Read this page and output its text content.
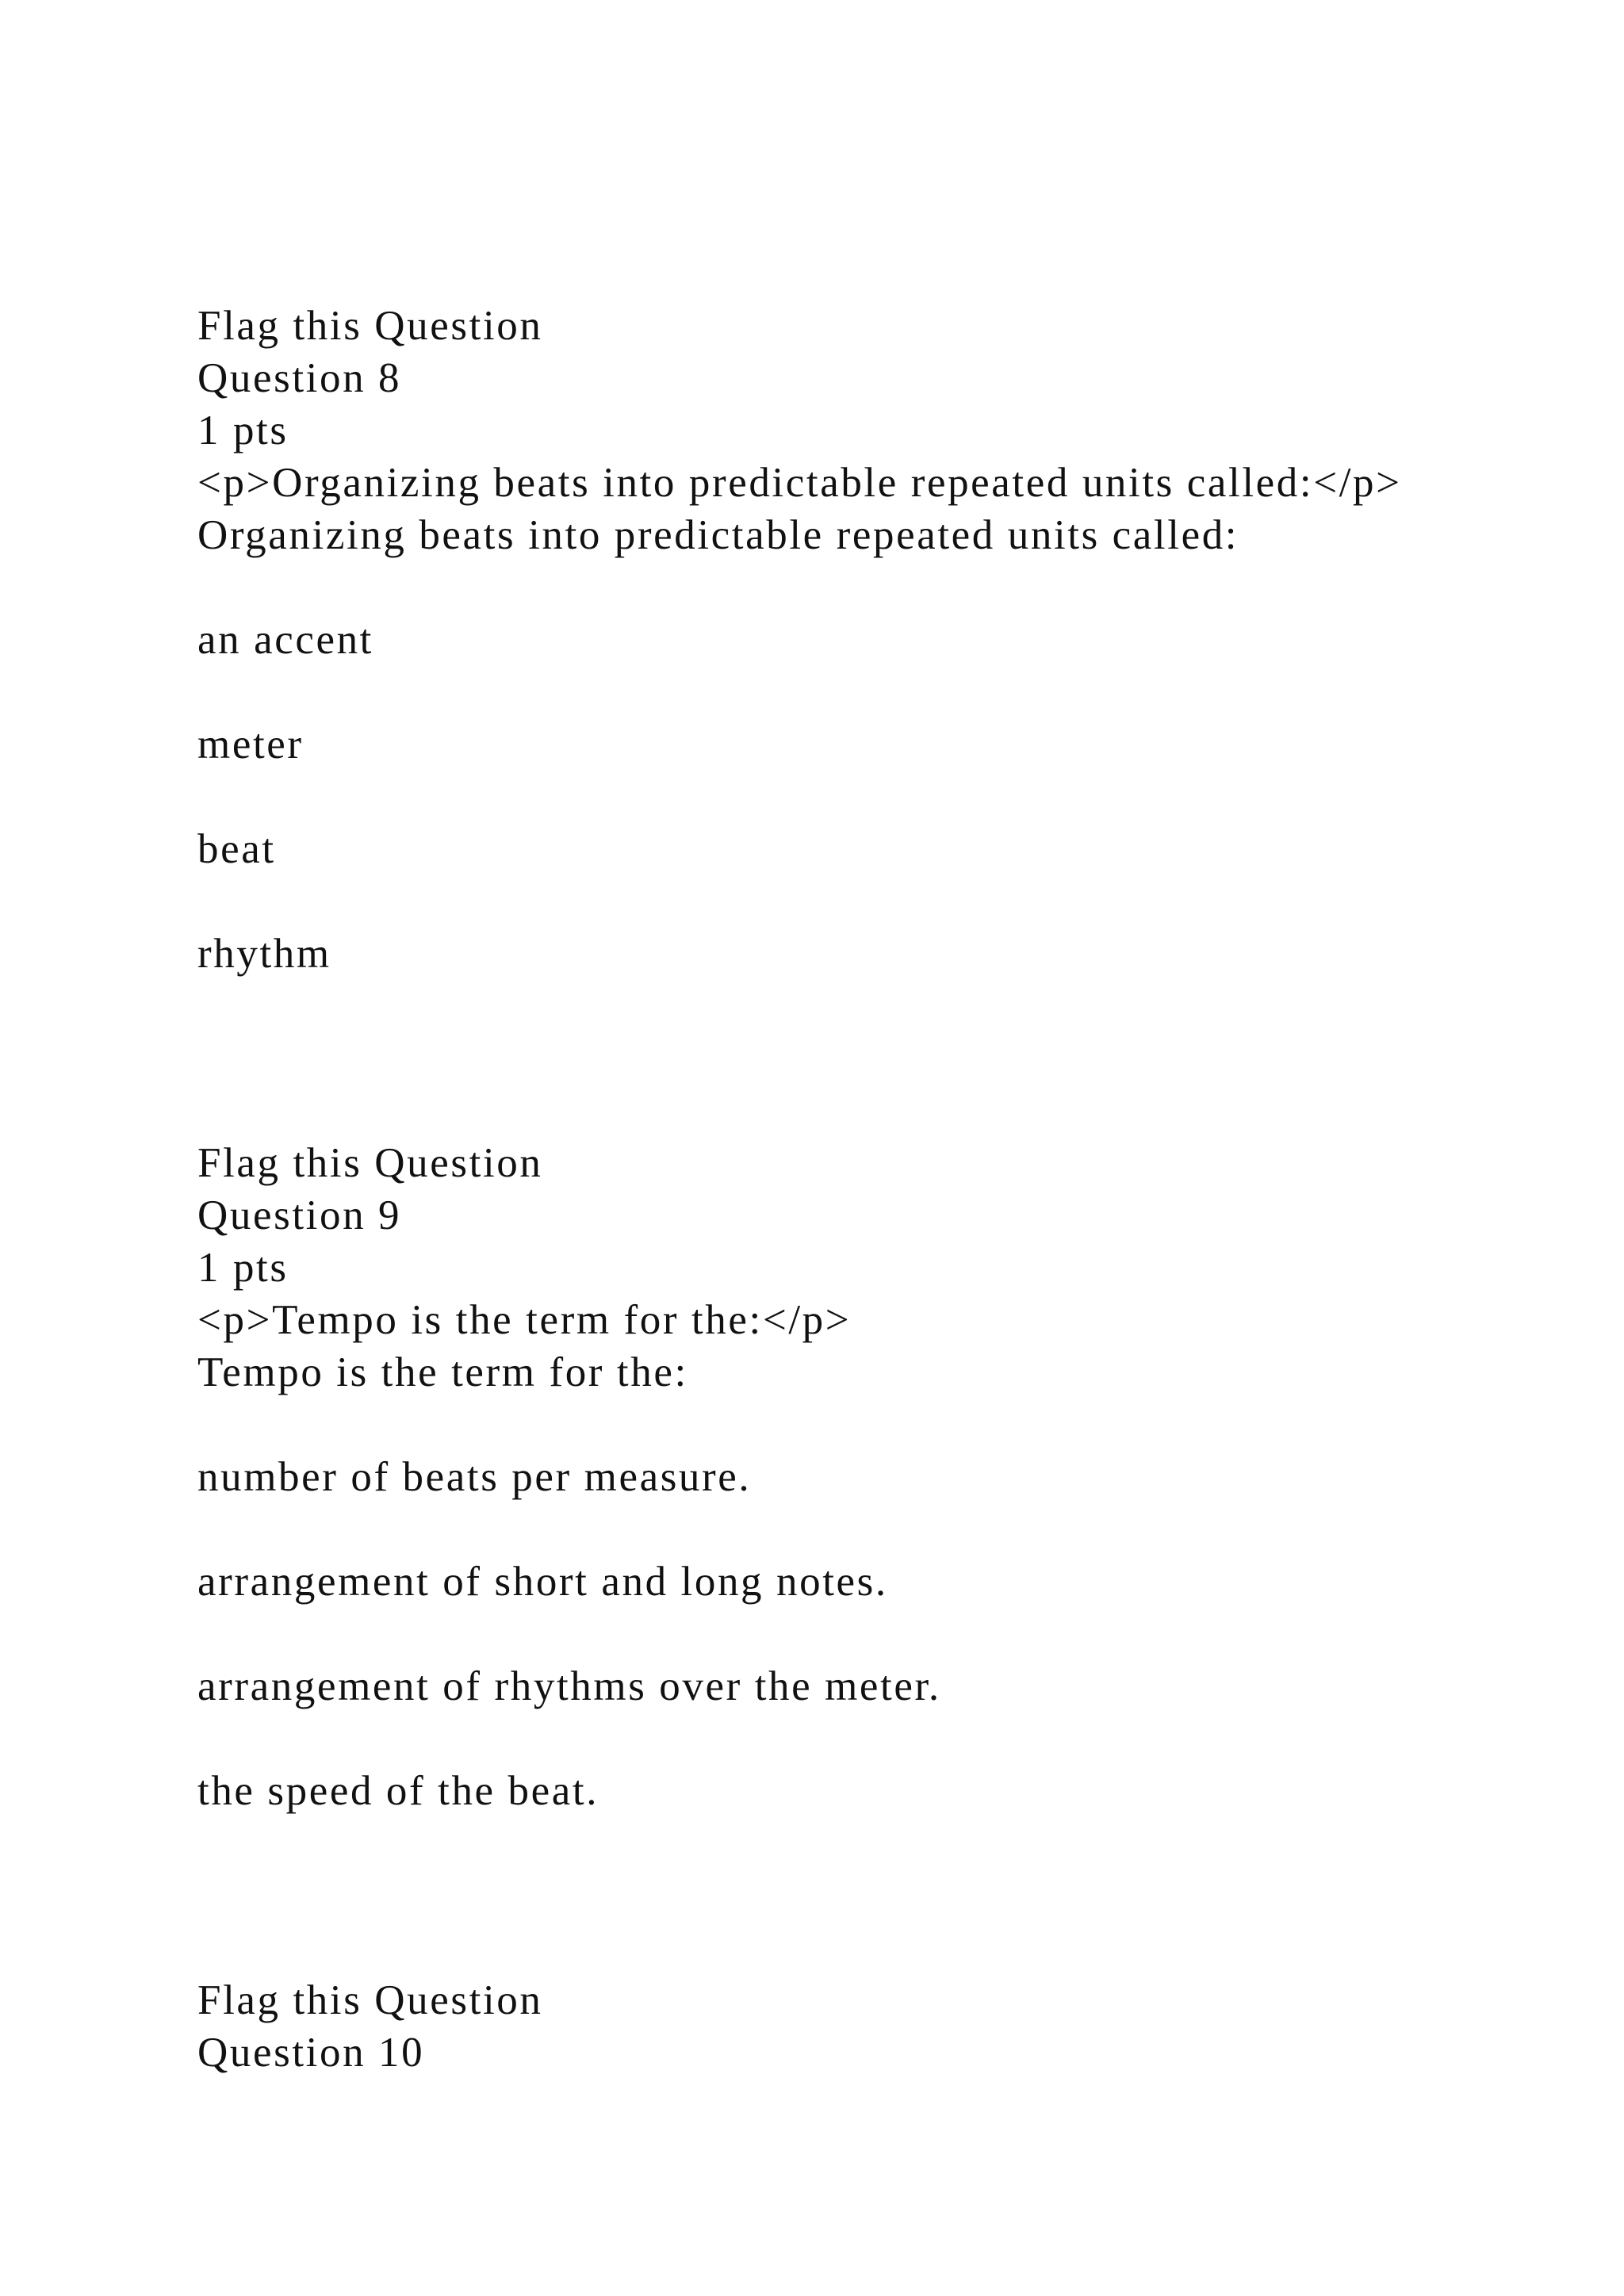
Flag this Question
Question 8
1 pts
<p>Organizing beats into predictable repeated units called:</p>
Organizing beats into predictable repeated units called:
an accent
meter
beat
rhythm
Flag this Question
Question 9
1 pts
<p>Tempo is the term for the:</p>
Tempo is the term for the:
number of beats per measure.
arrangement of short and long notes.
arrangement of rhythms over the meter.
the speed of the beat.
Flag this Question
Question 10
